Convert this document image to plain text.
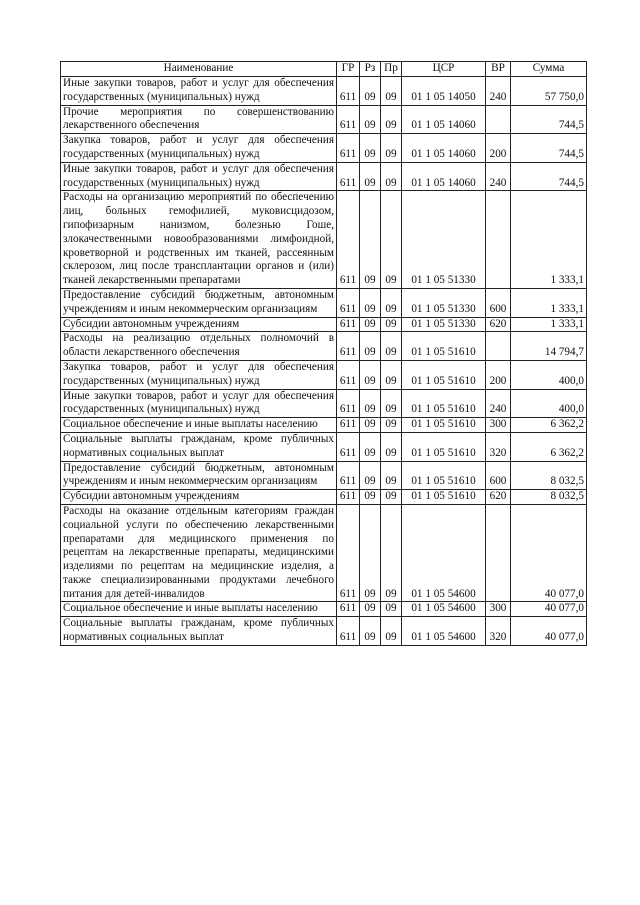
Наименование	ГР	Рз	Пр	ЦСР	ВР	Сумма
Иные закупки товаров, работ и услуг для обеспечения государственных (муниципальных) нужд	611	09	09	01 1 05 14050	240	57 750,0
Прочие мероприятия по совершенствованию лекарственного обеспечения	611	09	09	01 1 05 14060		744,5
Закупка товаров, работ и услуг для обеспечения государственных (муниципальных) нужд	611	09	09	01 1 05 14060	200	744,5
Иные закупки товаров, работ и услуг для обеспечения государственных (муниципальных) нужд	611	09	09	01 1 05 14060	240	744,5
Расходы на организацию мероприятий по обеспечению лиц, больных гемофилией, муковисцидозом, гипофизарным нанизмом, болезнью Гоше, злокачественными новообразованиями лимфоидной, кроветворной и родственных им тканей, рассеянным склерозом, лиц после трансплантации органов и (или) тканей лекарственными препаратами	611	09	09	01 1 05 51330		1 333,1
Предоставление субсидий бюджетным, автономным учреждениям и иным некоммерческим организациям	611	09	09	01 1 05 51330	600	1 333,1
Субсидии автономным учреждениям	611	09	09	01 1 05 51330	620	1 333,1
Расходы на реализацию отдельных полномочий в области лекарственного обеспечения	611	09	09	01 1 05 51610		14 794,7
Закупка товаров, работ и услуг для обеспечения государственных (муниципальных) нужд	611	09	09	01 1 05 51610	200	400,0
Иные закупки товаров, работ и услуг для обеспечения государственных (муниципальных) нужд	611	09	09	01 1 05 51610	240	400,0
Социальное обеспечение и иные выплаты населению	611	09	09	01 1 05 51610	300	6 362,2
Социальные выплаты гражданам, кроме публичных нормативных социальных выплат	611	09	09	01 1 05 51610	320	6 362,2
Предоставление субсидий бюджетным, автономным учреждениям и иным некоммерческим организациям	611	09	09	01 1 05 51610	600	8 032,5
Субсидии автономным учреждениям	611	09	09	01 1 05 51610	620	8 032,5
Расходы на оказание отдельным категориям граждан социальной услуги по обеспечению лекарственными препаратами для медицинского применения по рецептам на лекарственные препараты, медицинскими изделиями по рецептам на медицинские изделия, а также специализированными продуктами лечебного питания для детей-инвалидов	611	09	09	01 1 05 54600		40 077,0
Социальное обеспечение и иные выплаты населению	611	09	09	01 1 05 54600	300	40 077,0
Социальные выплаты гражданам, кроме публичных нормативных социальных выплат	611	09	09	01 1 05 54600	320	40 077,0
